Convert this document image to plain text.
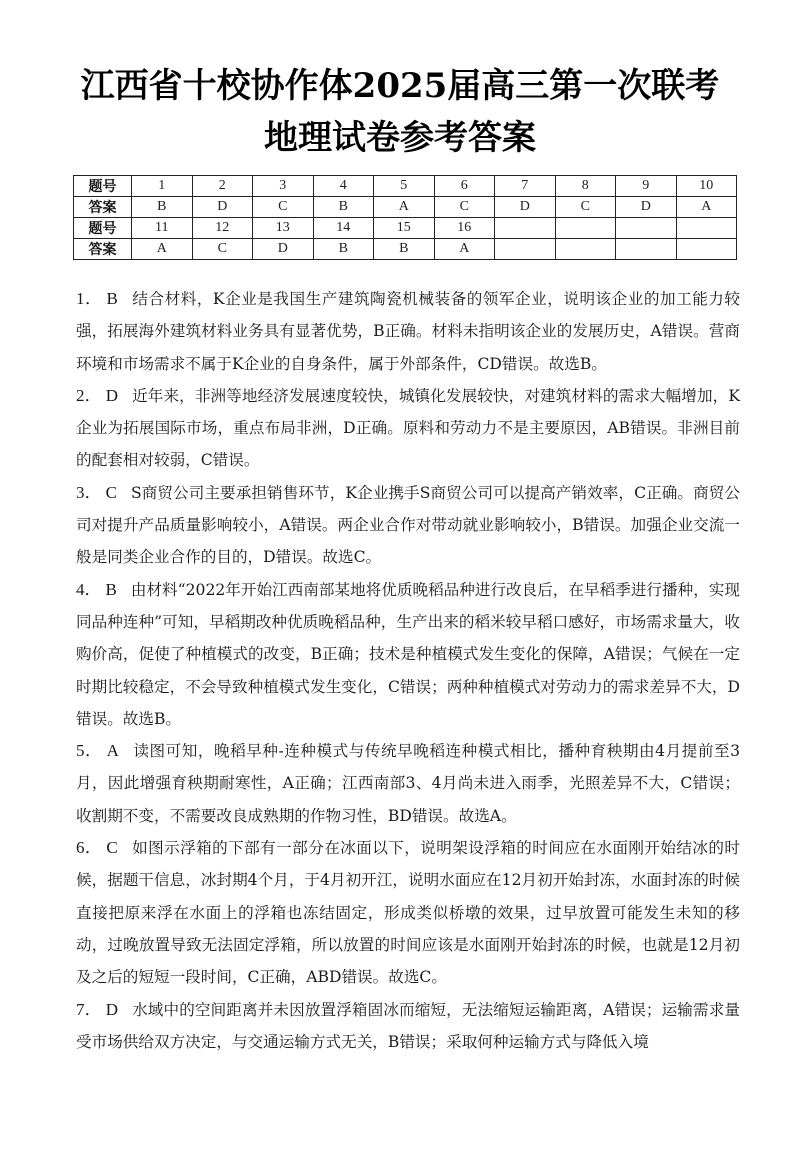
江西省十校协作体2025届高三第一次联考
地理试卷参考答案
题号	1	2	3	4	5	6	7	8	9	10
答案	B	D	C	B	A	C	D	C	D	A
题号	11	12	13	14	15	16				
答案	A	C	D	B	B	A				

1． B 结合材料，K企业是我国生产建筑陶瓷机械装备的领军企业，说明该企业的加工能力较强，拓展海外建筑材料业务具有显著优势，B正确。材料未指明该企业的发展历史，A错误。营商环境和市场需求不属于K企业的自身条件，属于外部条件，CD错误。故选B。

2． D 近年来，非洲等地经济发展速度较快，城镇化发展较快，对建筑材料的需求大幅增加，K企业为拓展国际市场，重点布局非洲，D正确。原料和劳动力不是主要原因，AB错误。非洲目前的配套相对较弱，C错误。

3． C S商贸公司主要承担销售环节，K企业携手S商贸公司可以提高产销效率，C正确。商贸公司对提升产品质量影响较小，A错误。两企业合作对带动就业影响较小，B错误。加强企业交流一般是同类企业合作的目的，D错误。故选C。

4． B 由材料“2022年开始江西南部某地将优质晚稻品种进行改良后，在早稻季进行播种，实现同品种连种”可知，早稻期改种优质晚稻品种，生产出来的稻米较早稻口感好，市场需求量大，收购价高，促使了种植模式的改变，B正确；技术是种植模式发生变化的保障，A错误；气候在一定时期比较稳定，不会导致种植模式发生变化，C错误；两种种植模式对劳动力的需求差异不大，D错误。故选B。

5． A 读图可知，晚稻早种-连种模式与传统早晚稻连种模式相比，播种育秧期由4月提前至3月，因此增强育秧期耐寒性，A正确；江西南部3、4月尚未进入雨季，光照差异不大，C错误；收割期不变，不需要改良成熟期的作物习性，BD错误。故选A。

6． C 如图示浮箱的下部有一部分在冰面以下，说明架设浮箱的时间应在水面刚开始结冰的时候，据题干信息，冰封期4个月，于4月初开江，说明水面应在12月初开始封冻，水面封冻的时候直接把原来浮在水面上的浮箱也冻结固定，形成类似桥墩的效果，过早放置可能发生未知的移动，过晚放置导致无法固定浮箱，所以放置的时间应该是水面刚开始封冻的时候，也就是12月初及之后的短短一段时间，C正确，ABD错误。故选C。

7． D 水域中的空间距离并未因放置浮箱固冰而缩短，无法缩短运输距离，A错误；运输需求量受市场供给双方决定，与交通运输方式无关，B错误；采取何种运输方式与降低入境
